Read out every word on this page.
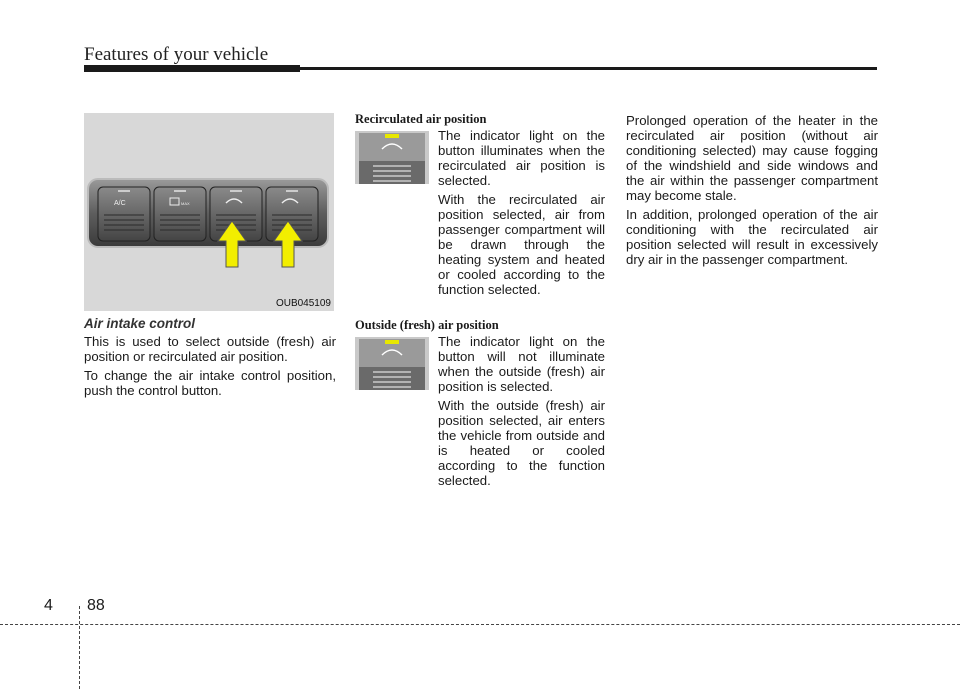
Features of your vehicle
A/C	MAX
OUB045109
Air intake control

This is used to select outside (fresh) air position or recirculated air position.

To change the air intake control position, push the control button.

Recirculated air position

The indicator light on the button illuminates when the recirculated air position is selected.

With the recirculated air position selected, air from passenger compartment will be drawn through the heating system and heated or cooled according to the function selected.

Outside (fresh) air position

The indicator light on the button will not illuminate when the outside (fresh) air position is selected.

With the outside (fresh) air position selected, air enters the vehicle from outside and is heated or cooled according to the function selected.

Prolonged operation of the heater in the recirculated air position (without air conditioning selected) may cause fogging of the windshield and side windows and the air within the passenger compartment may become stale.

In addition, prolonged operation of the air conditioning with the recirculated air position selected will result in excessively dry air in the passenger compartment.

4 88
